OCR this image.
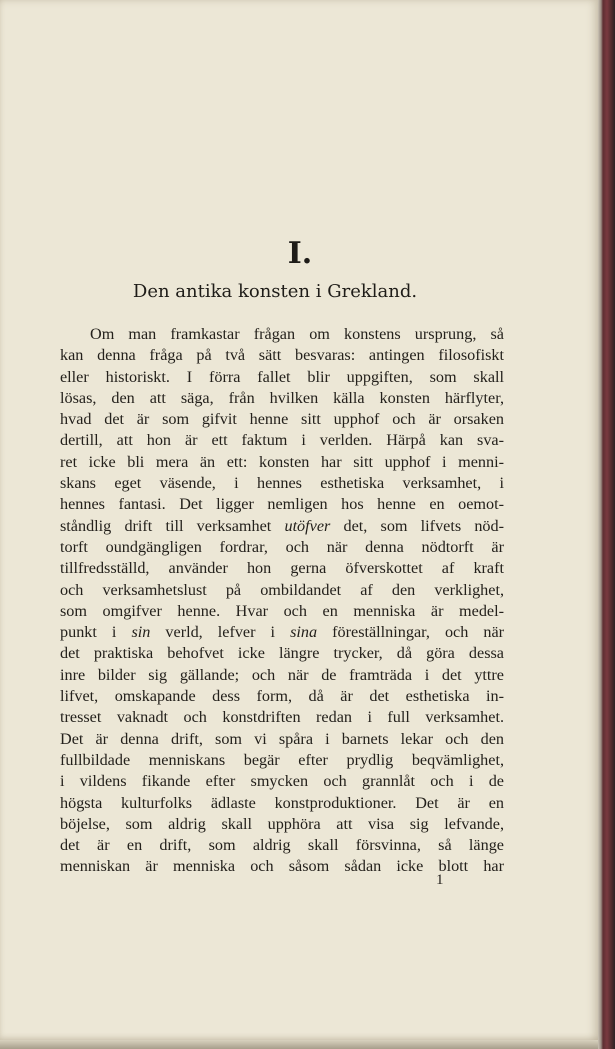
I.
Den antika konsten i Grekland.
Om man framkastar frågan om konstens ursprung, så
kan denna fråga på två sätt besvaras: antingen filosofiskt
eller historiskt. I förra fallet blir uppgiften, som skall
lösas, den att säga, från hvilken källa konsten härflyter,
hvad det är som gifvit henne sitt upphof och är orsaken
dertill, att hon är ett faktum i verlden. Härpå kan sva-
ret icke bli mera än ett: konsten har sitt upphof i menni-
skans eget väsende, i hennes esthetiska verksamhet, i
hennes fantasi. Det ligger nemligen hos henne en oemot-
ståndlig drift till verksamhet utöfver det, som lifvets nöd-
torft oundgängligen fordrar, och när denna nödtorft är
tillfredsställd, använder hon gerna öfverskottet af kraft
och verksamhetslust på ombildandet af den verklighet,
som omgifver henne. Hvar och en menniska är medel-
punkt i sin verld, lefver i sina föreställningar, och när
det praktiska behofvet icke längre trycker, då göra dessa
inre bilder sig gällande; och när de framträda i det yttre
lifvet, omskapande dess form, då är det esthetiska in-
tresset vaknadt och konstdriften redan i full verksamhet.
Det är denna drift, som vi spåra i barnets lekar och den
fullbildade menniskans begär efter prydlig beqvämlighet,
i vildens fikande efter smycken och grannlåt och i de
högsta kulturfolks ädlaste konstproduktioner. Det är en
böjelse, som aldrig skall upphöra att visa sig lefvande,
det är en drift, som aldrig skall försvinna, så länge
menniskan är menniska och såsom sådan icke blott har
1
